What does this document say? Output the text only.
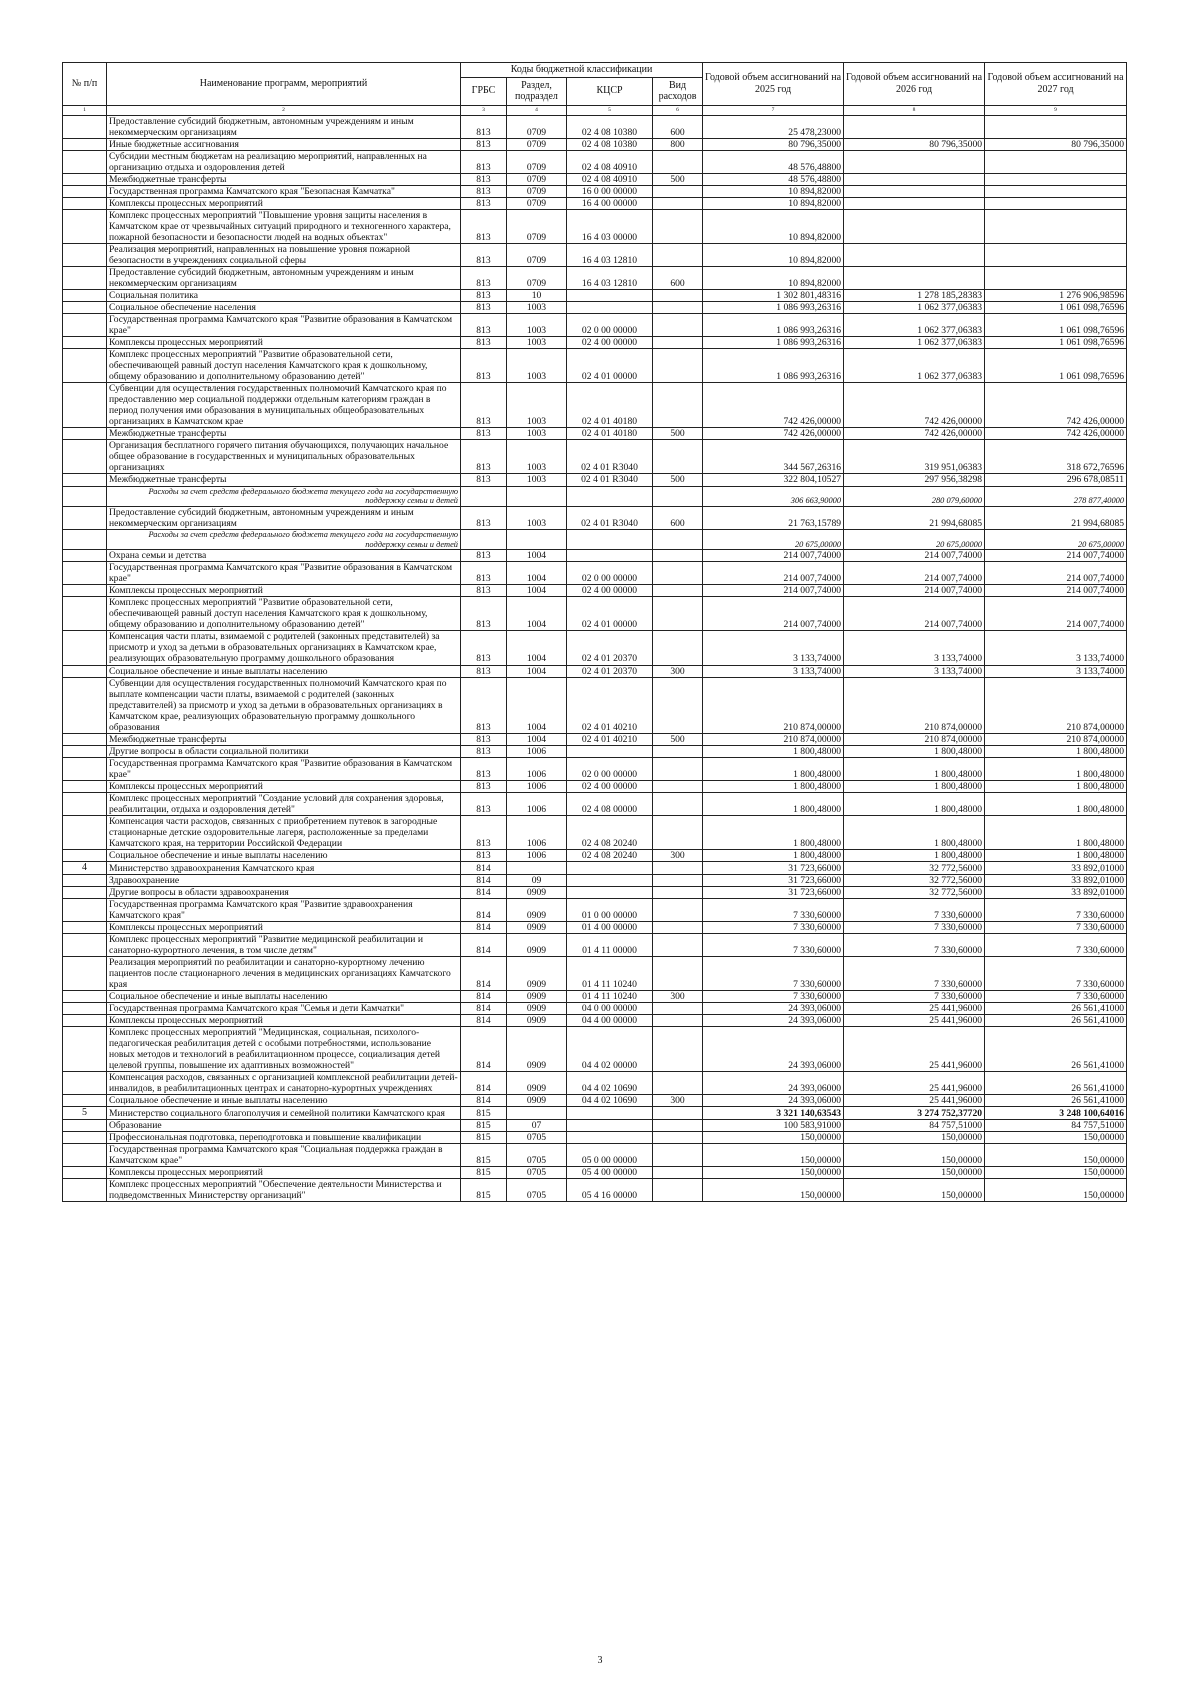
№ п/п	Наименование программ, мероприятий	Коды бюджетной классификации				Годовой объем ассигнований на 2025 год	Годовой объем ассигнований на 2026 год	Годовой объем ассигнований на 2027 год
		ГРБС	Раздел, подраздел	КЦСР	Вид расходов			
1	2	3	4	5	6	7	8	9
	Предоставление субсидий бюджетным, автономным учреждениям и иным некоммерческим организациям	813	0709	02 4 08 10380	600	25 478,23000		
	Иные бюджетные ассигнования	813	0709	02 4 08 10380	800	80 796,35000	80 796,35000	80 796,35000
	Субсидии местным бюджетам на реализацию мероприятий, направленных на организацию отдыха и оздоровления детей	813	0709	02 4 08 40910		48 576,48800		
	Межбюджетные трансферты	813	0709	02 4 08 40910	500	48 576,48800		
	Государственная программа Камчатского края "Безопасная Камчатка"	813	0709	16 0 00 00000		10 894,82000		
	Комплексы процессных мероприятий	813	0709	16 4 00 00000		10 894,82000		
	Комплекс процессных мероприятий "Повышение уровня защиты населения в Камчатском крае от чрезвычайных ситуаций природного и техногенного характера, пожарной безопасности и безопасности людей на водных объектах"	813	0709	16 4 03 00000		10 894,82000		
	Реализация мероприятий, направленных на повышение уровня пожарной безопасности в учреждениях социальной сферы	813	0709	16 4 03 12810		10 894,82000		
	Предоставление субсидий бюджетным, автономным учреждениям и иным некоммерческим организациям	813	0709	16 4 03 12810	600	10 894,82000		
	Социальная политика	813	10			1 302 801,48316	1 278 185,28383	1 276 906,98596
	Социальное обеспечение населения	813	1003			1 086 993,26316	1 062 377,06383	1 061 098,76596
	Государственная программа Камчатского края "Развитие образования в Камчатском крае"	813	1003	02 0 00 00000		1 086 993,26316	1 062 377,06383	1 061 098,76596
	Комплексы процессных мероприятий	813	1003	02 4 00 00000		1 086 993,26316	1 062 377,06383	1 061 098,76596
	Комплекс процессных мероприятий "Развитие образовательной сети, обеспечивающей равный доступ населения Камчатского края к дошкольному, общему образованию и дополнительному образованию детей"	813	1003	02 4 01 00000		1 086 993,26316	1 062 377,06383	1 061 098,76596
	Субвенции для осуществления государственных полномочий Камчатского края по предоставлению мер социальной поддержки отдельным категориям граждан в период получения ими образования в муниципальных общеобразовательных организациях в Камчатском крае	813	1003	02 4 01 40180		742 426,00000	742 426,00000	742 426,00000
	Межбюджетные трансферты	813	1003	02 4 01 40180	500	742 426,00000	742 426,00000	742 426,00000
	Организация бесплатного горячего питания обучающихся, получающих начальное общее образование в государственных и муниципальных образовательных организациях	813	1003	02 4 01 R3040		344 567,26316	319 951,06383	318 672,76596
	Межбюджетные трансферты	813	1003	02 4 01 R3040	500	322 804,10527	297 956,38298	296 678,08511
	Расходы за счет средств федерального бюджета текущего года на государственную поддержку семьи и детей					306 663,90000	280 079,60000	278 877,40000
	Предоставление субсидий бюджетным, автономным учреждениям и иным некоммерческим организациям	813	1003	02 4 01 R3040	600	21 763,15789	21 994,68085	21 994,68085
	Расходы за счет средств федерального бюджета текущего года на государственную поддержку семьи и детей					20 675,00000	20 675,00000	20 675,00000
	Охрана семьи и детства	813	1004			214 007,74000	214 007,74000	214 007,74000
	Государственная программа Камчатского края "Развитие образования в Камчатском крае"	813	1004	02 0 00 00000		214 007,74000	214 007,74000	214 007,74000
	Комплексы процессных мероприятий	813	1004	02 4 00 00000		214 007,74000	214 007,74000	214 007,74000
	Комплекс процессных мероприятий "Развитие образовательной сети, обеспечивающей равный доступ населения Камчатского края к дошкольному, общему образованию и дополнительному образованию детей"	813	1004	02 4 01 00000		214 007,74000	214 007,74000	214 007,74000
	Компенсация части платы, взимаемой с родителей (законных представителей) за присмотр и уход за детьми в образовательных организациях в Камчатском крае, реализующих образовательную программу дошкольного образования	813	1004	02 4 01 20370		3 133,74000	3 133,74000	3 133,74000
	Социальное обеспечение и иные выплаты населению	813	1004	02 4 01 20370	300	3 133,74000	3 133,74000	3 133,74000
	Субвенции для осуществления государственных полномочий Камчатского края по выплате компенсации части платы, взимаемой с родителей (законных представителей) за присмотр и уход за детьми в образовательных организациях в Камчатском крае, реализующих образовательную программу дошкольного образования	813	1004	02 4 01 40210		210 874,00000	210 874,00000	210 874,00000
	Межбюджетные трансферты	813	1004	02 4 01 40210	500	210 874,00000	210 874,00000	210 874,00000
	Другие вопросы в области социальной политики	813	1006			1 800,48000	1 800,48000	1 800,48000
	Государственная программа Камчатского края "Развитие образования в Камчатском крае"	813	1006	02 0 00 00000		1 800,48000	1 800,48000	1 800,48000
	Комплексы процессных мероприятий	813	1006	02 4 00 00000		1 800,48000	1 800,48000	1 800,48000
	Комплекс процессных мероприятий "Создание условий для сохранения здоровья, реабилитации, отдыха и оздоровления детей"	813	1006	02 4 08 00000		1 800,48000	1 800,48000	1 800,48000
	Компенсация части расходов, связанных с приобретением путевок в загородные стационарные детские оздоровительные лагеря, расположенные за пределами Камчатского края, на территории Российской Федерации	813	1006	02 4 08 20240		1 800,48000	1 800,48000	1 800,48000
	Социальное обеспечение и иные выплаты населению	813	1006	02 4 08 20240	300	1 800,48000	1 800,48000	1 800,48000
4	Министерство здравоохранения Камчатского края	814				31 723,66000	32 772,56000	33 892,01000
	Здравоохранение	814	09			31 723,66000	32 772,56000	33 892,01000
	Другие вопросы в области здравоохранения	814	0909			31 723,66000	32 772,56000	33 892,01000
	Государственная программа Камчатского края "Развитие здравоохранения Камчатского края"	814	0909	01 0 00 00000		7 330,60000	7 330,60000	7 330,60000
	Комплексы процессных мероприятий	814	0909	01 4 00 00000		7 330,60000	7 330,60000	7 330,60000
	Комплекс процессных мероприятий "Развитие медицинской реабилитации и санаторно-курортного лечения, в том числе детям"	814	0909	01 4 11 00000		7 330,60000	7 330,60000	7 330,60000
	Реализация мероприятий по реабилитации и санаторно-курортному лечению пациентов после стационарного лечения в медицинских организациях Камчатского края	814	0909	01 4 11 10240		7 330,60000	7 330,60000	7 330,60000
	Социальное обеспечение и иные выплаты населению	814	0909	01 4 11 10240	300	7 330,60000	7 330,60000	7 330,60000
	Государственная программа Камчатского края "Семья и дети Камчатки"	814	0909	04 0 00 00000		24 393,06000	25 441,96000	26 561,41000
	Комплексы процессных мероприятий	814	0909	04 4 00 00000		24 393,06000	25 441,96000	26 561,41000
	Комплекс процессных мероприятий "Медицинская, социальная, психолого-педагогическая реабилитация детей с особыми потребностями, использование новых методов и технологий в реабилитационном процессе, социализация детей целевой группы, повышение их адаптивных возможностей"	814	0909	04 4 02 00000		24 393,06000	25 441,96000	26 561,41000
	Компенсация расходов, связанных с организацией комплексной реабилитации детей-инвалидов, в реабилитационных центрах и санаторно-курортных учреждениях	814	0909	04 4 02 10690		24 393,06000	25 441,96000	26 561,41000
	Социальное обеспечение и иные выплаты населению	814	0909	04 4 02 10690	300	24 393,06000	25 441,96000	26 561,41000
5	Министерство социального благополучия и семейной политики Камчатского края	815				3 321 140,63543	3 274 752,37720	3 248 100,64016
	Образование	815	07			100 583,91000	84 757,51000	84 757,51000
	Профессиональная подготовка, переподготовка и повышение квалификации	815	0705			150,00000	150,00000	150,00000
	Государственная программа Камчатского края "Социальная поддержка граждан в Камчатском крае"	815	0705	05 0 00 00000		150,00000	150,00000	150,00000
	Комплексы процессных мероприятий	815	0705	05 4 00 00000		150,00000	150,00000	150,00000
	Комплекс процессных мероприятий "Обеспечение деятельности Министерства и подведомственных Министерству организаций"	815	0705	05 4 16 00000		150,00000	150,00000	150,00000
3
